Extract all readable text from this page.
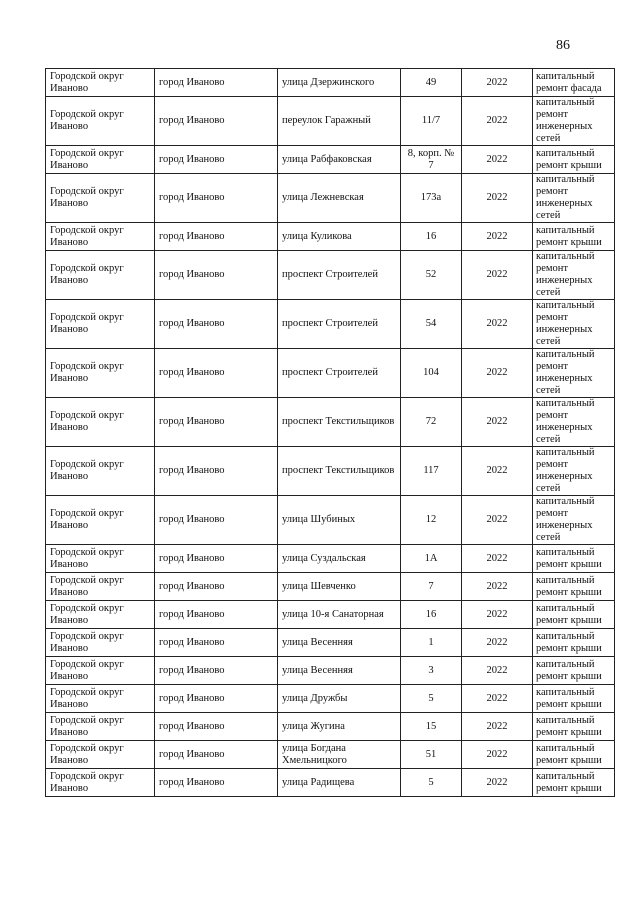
86
Городской округ Иваново	город Иваново	улица Дзержинского	49	2022	капитальный ремонт фасада
Городской округ Иваново	город Иваново	переулок Гаражный	11/7	2022	капитальный ремонт инженерных сетей
Городской округ Иваново	город Иваново	улица Рабфаковская	8, корп. № 7	2022	капитальный ремонт крыши
Городской округ Иваново	город Иваново	улица Лежневская	173а	2022	капитальный ремонт инженерных сетей
Городской округ Иваново	город Иваново	улица Куликова	16	2022	капитальный ремонт крыши
Городской округ Иваново	город Иваново	проспект Строителей	52	2022	капитальный ремонт инженерных сетей
Городской округ Иваново	город Иваново	проспект Строителей	54	2022	капитальный ремонт инженерных сетей
Городской округ Иваново	город Иваново	проспект Строителей	104	2022	капитальный ремонт инженерных сетей
Городской округ Иваново	город Иваново	проспект Текстильщиков	72	2022	капитальный ремонт инженерных сетей
Городской округ Иваново	город Иваново	проспект Текстильщиков	117	2022	капитальный ремонт инженерных сетей
Городской округ Иваново	город Иваново	улица Шубиных	12	2022	капитальный ремонт инженерных сетей
Городской округ Иваново	город Иваново	улица Суздальская	1А	2022	капитальный ремонт крыши
Городской округ Иваново	город Иваново	улица Шевченко	7	2022	капитальный ремонт крыши
Городской округ Иваново	город Иваново	улица 10-я Санаторная	16	2022	капитальный ремонт крыши
Городской округ Иваново	город Иваново	улица Весенняя	1	2022	капитальный ремонт крыши
Городской округ Иваново	город Иваново	улица Весенняя	3	2022	капитальный ремонт крыши
Городской округ Иваново	город Иваново	улица Дружбы	5	2022	капитальный ремонт крыши
Городской округ Иваново	город Иваново	улица Жугина	15	2022	капитальный ремонт крыши
Городской округ Иваново	город Иваново	улица Богдана Хмельницкого	51	2022	капитальный ремонт крыши
Городской округ Иваново	город Иваново	улица Радищева	5	2022	капитальный ремонт крыши
